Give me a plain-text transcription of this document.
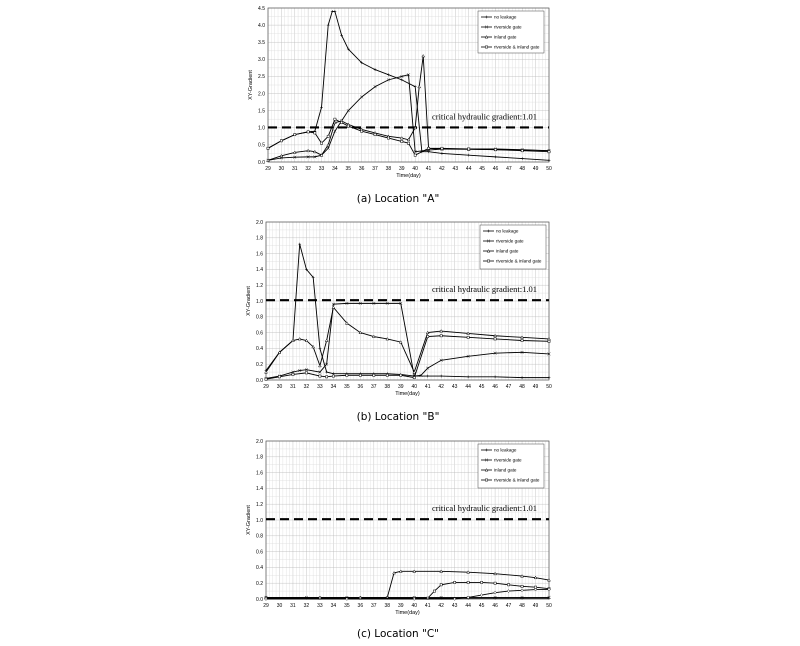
29 30 31 32 33 34 35 36 37 38 39 40 41 42 43 44 45 46 47 48 49 50
0.0
0.5
1.0
1.5
2.0
2.5
3.0
3.5
4.0
4.5
Time(day)
XY-Gradient
critical hydraulic gradient:1.01
no leakage
riverside gate
inland gate
riverside & inland gate
(a) Location "A"
29 30 31 32 33 34 35 36 37 38 39 40 41 42 43 44 45 46 47 48 49 50
0.0
0.2
0.4
0.6
0.8
1.0
1.2
1.4
1.6
1.8
2.0
Time(day)
XY-Gradient	critical hydraulic gradient:1.01
no leakage
riverside gate
inland gate
riverside & inland gate
(b) Location "B"
29 30 31 32 33 34 35 36 37 38 39 40 41 42 43 44 45 46 47 48 49 50
0.0
0.2
0.4
0.6
0.8
1.0
1.2
1.4
1.6
1.8
2.0
Time(day)
XY-Gradient	critical hydraulic gradient:1.01
no leakage
riverside gate
inland gate
riverside & inland gate
(c) Location "C"
